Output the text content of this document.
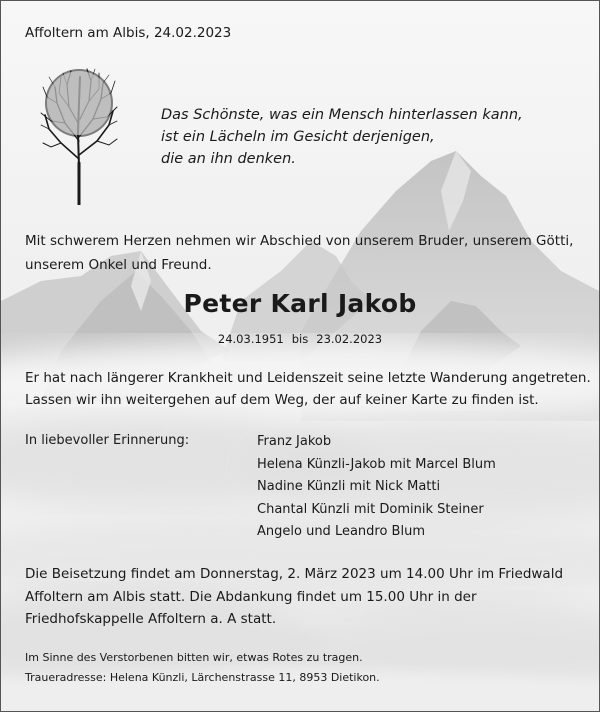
Affoltern am Albis, 24.02.2023
Das Schönste, was ein Mensch hinterlassen kann,
ist ein Lächeln im Gesicht derjenigen,
die an ihn denken.
Mit schwerem Herzen nehmen wir Abschied von unserem Bruder, unserem Götti, unserem Onkel und Freund.
Peter Karl Jakob
24.03.1951 bis 23.02.2023
Er hat nach längerer Krankheit und Leidenszeit seine letzte Wanderung angetreten.
Lassen wir ihn weitergehen auf dem Weg, der auf keiner Karte zu finden ist.
In liebevoller Erinnerung:	Franz Jakob
Helena Künzli-Jakob mit Marcel Blum
Nadine Künzli mit Nick Matti
Chantal Künzli mit Dominik Steiner
Angelo und Leandro Blum
Die Beisetzung findet am Donnerstag, 2. März 2023 um 14.00 Uhr im Friedwald Affoltern am Albis statt. Die Abdankung findet um 15.00 Uhr in der Friedhofskappelle Affoltern a. A statt.
Im Sinne des Verstorbenen bitten wir, etwas Rotes zu tragen.
Traueradresse: Helena Künzli, Lärchenstrasse 11, 8953 Dietikon.
